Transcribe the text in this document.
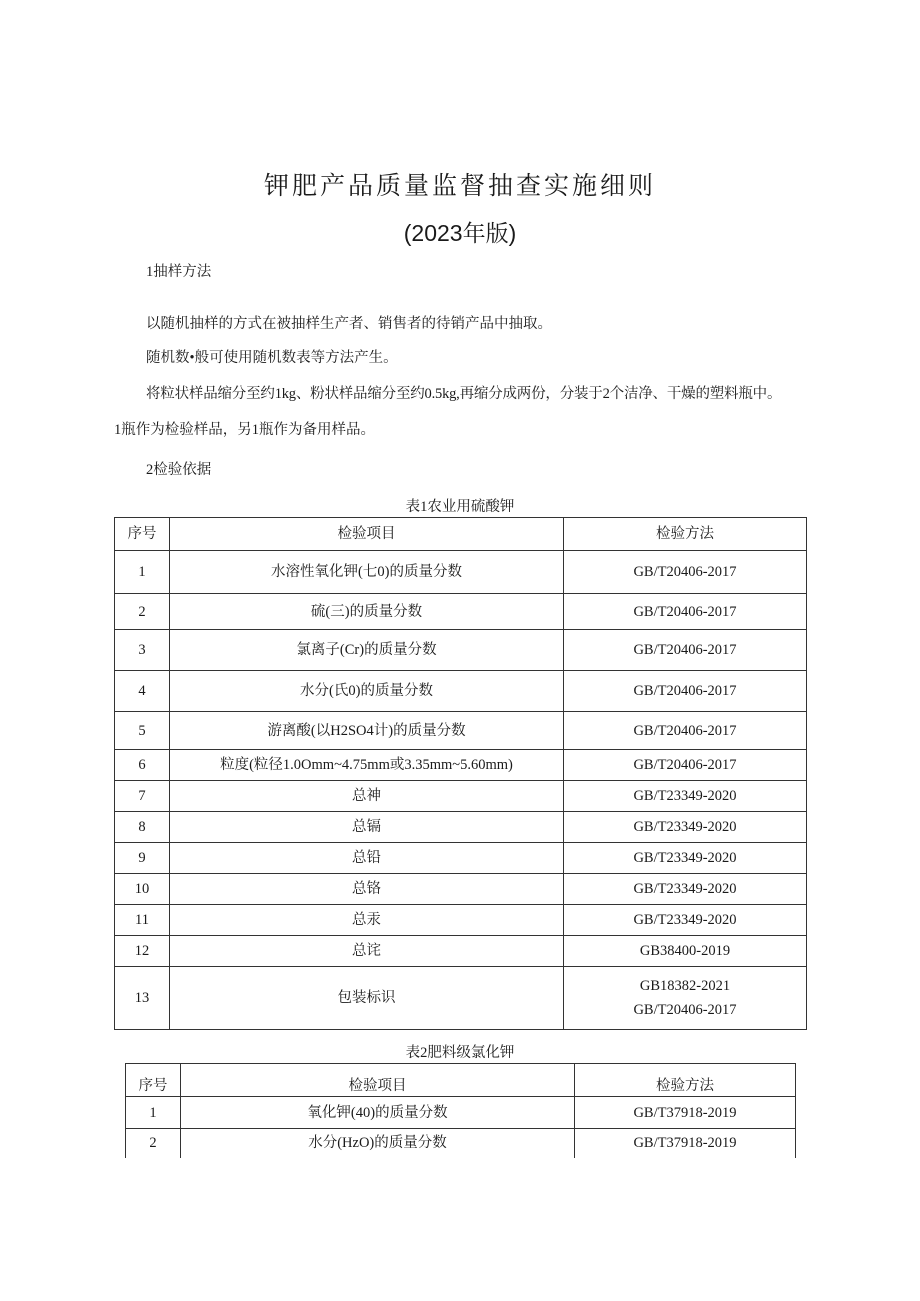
钾肥产品质量监督抽查实施细则
(2023年版)
1抽样方法
以随机抽样的方式在被抽样生产者、销售者的待销产品中抽取。
随机数•般可使用随机数表等方法产生。
将粒状样品缩分至约1kg、粉状样品缩分至约0.5kg,再缩分成两份，分装于2个洁净、干燥的塑料瓶中。
1瓶作为检验样品，另1瓶作为备用样品。
2检验依据
表1农业用硫酸钾
序号	检验项目	检验方法
1	水溶性氧化钾(七0)的质量分数	GB/T20406-2017
2	硫(三)的质量分数	GB/T20406-2017
3	氯离子(Cr)的质量分数	GB/T20406-2017
4	水分(氏0)的质量分数	GB/T20406-2017
5	游离酸(以H2SO4计)的质量分数	GB/T20406-2017
6	粒度(粒径1.0Omm~4.75mm或3.35mm~5.60mm)	GB/T20406-2017
7	总神	GB/T23349-2020
8	总镉	GB/T23349-2020
9	总铅	GB/T23349-2020
10	总铬	GB/T23349-2020
11	总汞	GB/T23349-2020
12	总诧	GB38400-2019
13	包装标识	GB18382-2021
GB/T20406-2017
表2肥料级氯化钾
序号	检验项目	检验方法
1	氧化钾(40)的质量分数	GB/T37918-2019
2	水分(HzO)的质量分数	GB/T37918-2019
